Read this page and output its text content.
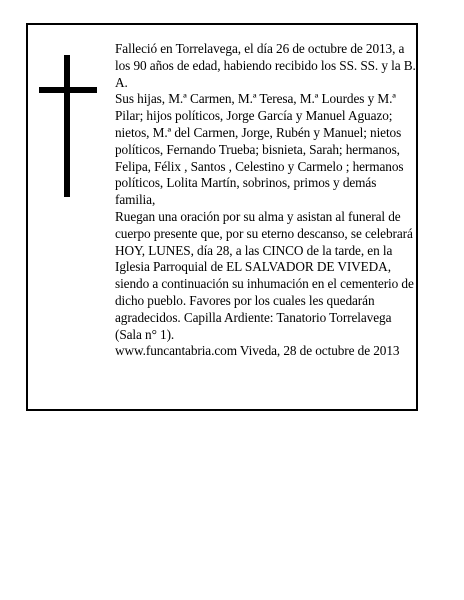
Falleció en Torrelavega, el día 26 de octubre de 2013, a los 90 años de edad, habiendo recibido los SS. SS. y la B. A.

Sus hijas, M.ª Carmen, M.ª Teresa, M.ª Lourdes y M.ª Pilar; hijos políticos, Jorge García y Manuel Aguazo; nietos, M.ª del Carmen, Jorge, Rubén y Manuel; nietos políticos, Fernando Trueba; bisnieta, Sarah; hermanos, Felipa, Félix , Santos , Celestino y Carmelo ; hermanos políticos, Lolita Martín, sobrinos, primos y demás familia,

Ruegan una oración por su alma y asistan al funeral de cuerpo presente que, por su eterno descanso, se celebrará HOY, LUNES, día 28, a las CINCO de la tarde, en la Iglesia Parroquial de EL SALVADOR DE VIVEDA, siendo a continuación su inhumación en el cementerio de dicho pueblo. Favores por los cuales les quedarán agradecidos. Capilla Ardiente: Tanatorio Torrelavega (Sala n° 1).

www.funcantabria.com Viveda, 28 de octubre de 2013
